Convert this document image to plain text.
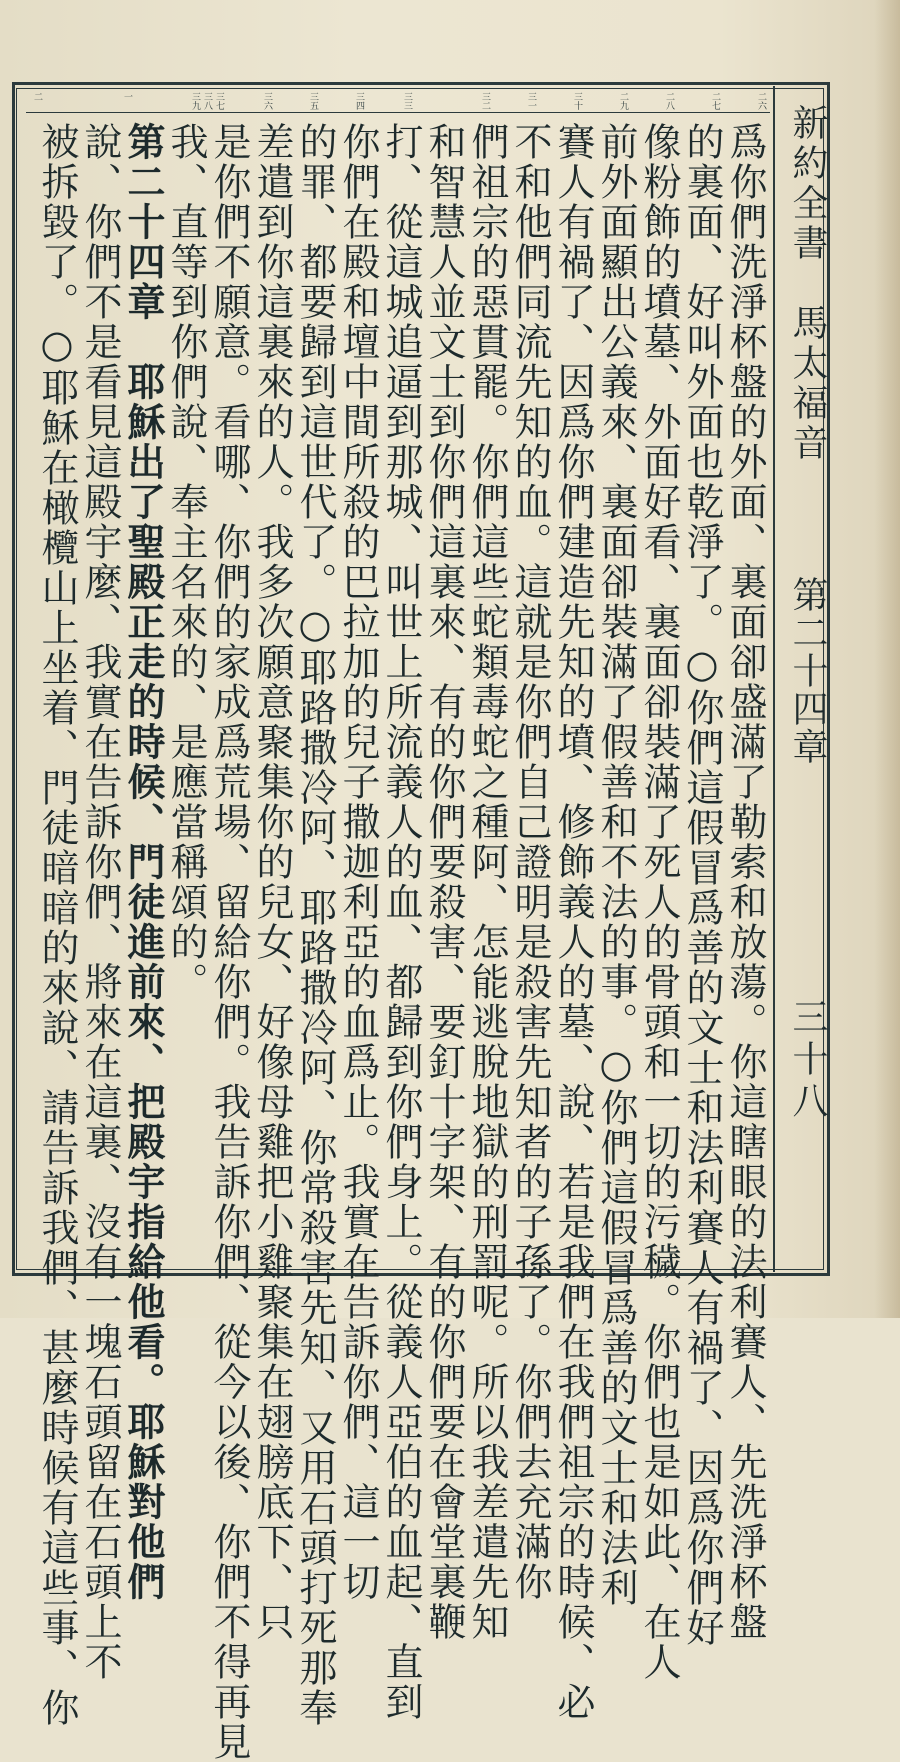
新約全書　馬太福音
第二十四章
三十八
二六
二七
二八
二九
三十
三一
三二
三三
三四
三五
三六
三七
三八
三九
一
二
爲你們洗淨杯盤的外面、裏面卻盛滿了勒索和放蕩。你這瞎眼的法利賽人、先洗淨杯盤
的裏面、好叫外面也乾淨了。○你們這假冒爲善的文士和法利賽人有禍了、因爲你們好
像粉飾的墳墓、外面好看、裏面卻裝滿了死人的骨頭和一切的污穢。你們也是如此、在人
前外面顯出公義來、裏面卻裝滿了假善和不法的事。○你們這假冒爲善的文士和法利
賽人有禍了、因爲你們建造先知的墳、修飾義人的墓、說、若是我們在我們祖宗的時候、必
不和他們同流先知的血。這就是你們自己證明是殺害先知者的子孫了。你們去充滿你
們祖宗的惡貫罷。你們這些蛇類毒蛇之種阿、怎能逃脫地獄的刑罰呢。所以我差遣先知
和智慧人並文士到你們這裏來、有的你們要殺害、要釘十字架、有的你們要在會堂裏鞭
打、從這城追逼到那城、叫世上所流義人的血、都歸到你們身上。從義人亞伯的血起、直到
你們在殿和壇中間所殺的巴拉加的兒子撒迦利亞的血爲止。我實在告訴你們、這一切
的罪、都要歸到這世代了。○耶路撒冷阿、耶路撒冷阿、你常殺害先知、又用石頭打死那奉
差遣到你這裏來的人。我多次願意聚集你的兒女、好像母雞把小雞聚集在翅膀底下、只
是你們不願意。看哪、你們的家成爲荒場、留給你們。我告訴你們、從今以後、你們不得再見
我、直等到你們說、奉主名來的、是應當稱頌的。
第二十四章　耶穌出了聖殿正走的時候、門徒進前來、把殿宇指給他看。耶穌對他們
說、你們不是看見這殿宇麼、我實在告訴你們、將來在這裏、沒有一塊石頭留在石頭上不
被拆毀了。○耶穌在橄欖山上坐着、門徒暗暗的來說、請告訴我們、甚麼時候有這些事、你
